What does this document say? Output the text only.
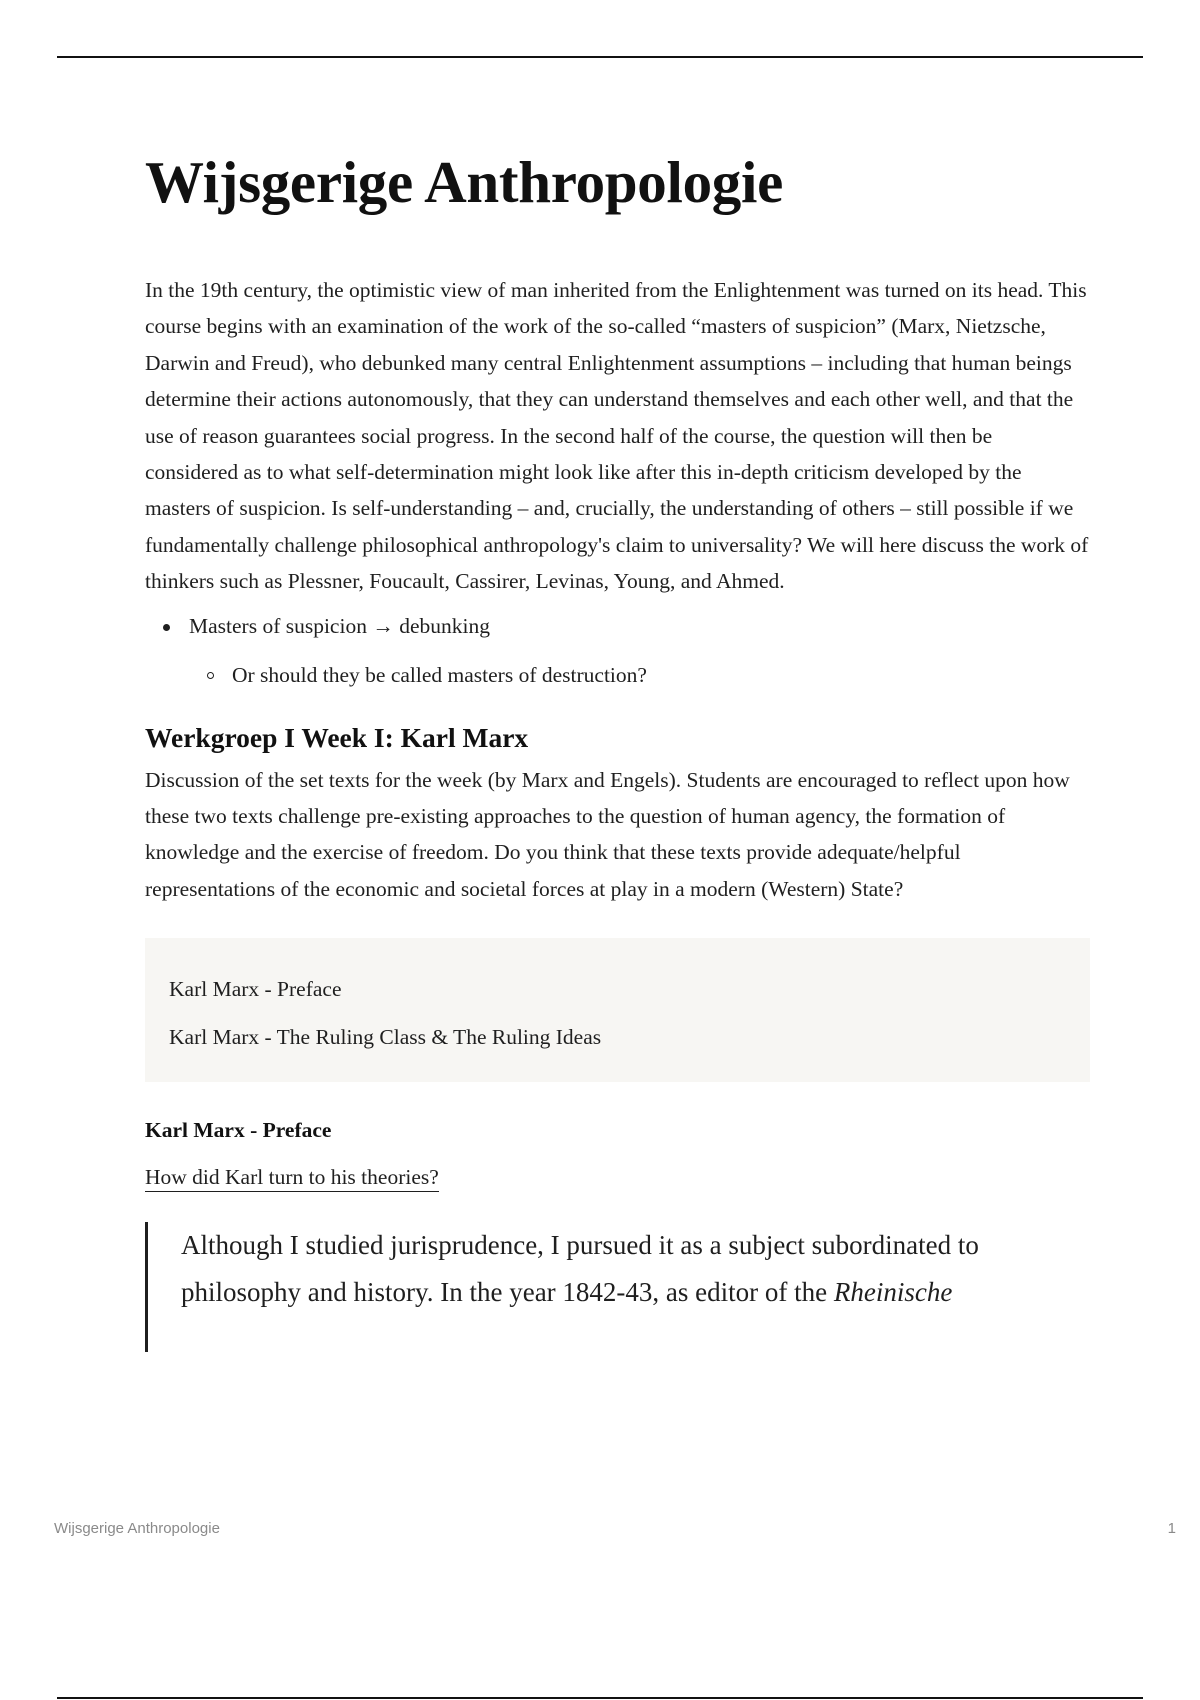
Wijsgerige Anthropologie

In the 19th century, the optimistic view of man inherited from the Enlightenment was turned on its head. This course begins with an examination of the work of the so-called “masters of suspicion” (Marx, Nietzsche, Darwin and Freud), who debunked many central Enlightenment assumptions – including that human beings determine their actions autonomously, that they can understand themselves and each other well, and that the use of reason guarantees social progress. In the second half of the course, the question will then be considered as to what self-determination might look like after this in-depth criticism developed by the masters of suspicion. Is self-understanding – and, crucially, the understanding of others – still possible if we fundamentally challenge philosophical anthropology's claim to universality? We will here discuss the work of thinkers such as Plessner, Foucault, Cassirer, Levinas, Young, and Ahmed.

Masters of suspicion → debunking
Or should they be called masters of destruction?
Werkgroep I Week I: Karl Marx

Discussion of the set texts for the week (by Marx and Engels). Students are encouraged to reflect upon how these two texts challenge pre-existing approaches to the question of human agency, the formation of knowledge and the exercise of freedom. Do you think that these texts provide adequate/helpful representations of the economic and societal forces at play in a modern (Western) State?

Karl Marx - Preface
Karl Marx - The Ruling Class & The Ruling Ideas
Karl Marx - Preface
How did Karl turn to his theories?
Although I studied jurisprudence, I pursued it as a subject subordinated to philosophy and history. In the year 1842-43, as editor of the Rheinische
Wijsgerige Anthropologie	1
